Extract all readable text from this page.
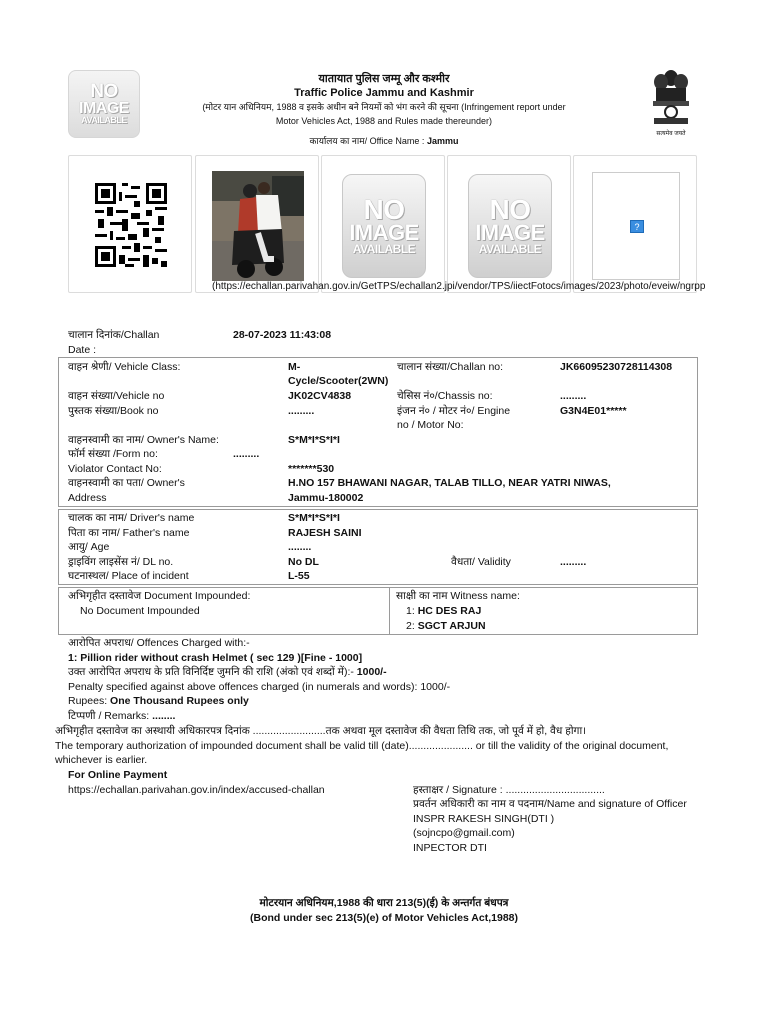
NO
IMAGE
AVAILABLE
यातायात पुलिस जम्मू और कश्मीर
Traffic Police Jammu and Kashmir
(मोटर यान अधिनियम, 1988 व इसके अधीन बने नियमों को भंग करने की सूचना (Infringement report under
Motor Vehicles Act, 1988 and Rules made thereunder)
कार्यालय का नाम/ Office Name : Jammu
सत्यमेव जयते
NO
IMAGE
AVAILABLE
NO
IMAGE
AVAILABLE
?
(https://echallan.parivahan.gov.in/GetTPS/echallan2.jpi/vendor/TPS/iiectFotocs/images/2023/photo/eveiw/ngrpp
चालान दिनांक/Challan
Date :
28-07-2023 11:43:08
वाहन श्रेणी/ Vehicle Class:	M-
Cycle/Scooter(2WN)
चालान संख्या/Challan no:	JK66095230728114308
वाहन संख्या/Vehicle no	JK02CV4838	चेसिस नं०/Chassis no:	.........
पुस्तक संख्या/Book no	.........	इंजन नं० / मोटर नं०/ Engine
no / Motor No:
G3N4E01*****
वाहनस्वामी का नाम/ Owner's Name:	S*M*I*S*I*I
फॉर्म संख्या /Form no:	.........
Violator Contact No:	*******530
वाहनस्वामी का पता/ Owner's
Address
H.NO 157 BHAWANI NAGAR, TALAB TILLO, NEAR YATRI NIWAS,
Jammu-180002
चालक का नाम/ Driver's name	S*M*I*S*I*I
पिता का नाम/ Father's name	RAJESH SAINI
आयु/ Age	........
ड्राइविंग लाइसेंस नं/ DL no.	No DL	वैधता/ Validity	.........
घटनास्थल/ Place of incident	L-55
अभिगृहीत दस्तावेज Document Impounded:
No Document Impounded
साक्षी का नाम Witness name:
1: HC DES RAJ
2: SGCT ARJUN
आरोपित अपराध/ Offences Charged with:-
1: Pillion rider without crash Helmet ( sec 129 )[Fine - 1000]
उक्त आरोपित अपराध के प्रति विनिर्दिष्ट जुमनि की राशि (अंको एवं शब्दों में):- 1000/-
Penalty specified against above offences charged (in numerals and words): 1000/-
Rupees: One Thousand Rupees only
टिप्पणी / Remarks: ........
अभिगृहीत दस्तावेज का अस्थायी अधिकारपत्र दिनांक .........................तक अथवा मूल दस्तावेज की वैधता तिथि तक, जो पूर्व में हो, वैध होगा।
The temporary authorization of impounded document shall be valid till (date)...................... or till the validity of the original document,
whichever is earlier.
For Online Payment
https://echallan.parivahan.gov.in/index/accused-challan	हस्ताक्षर / Signature : ..................................
प्रवर्तन अधिकारी का नाम व पदनाम/Name and signature of Officer
INSPR RAKESH SINGH(DTI )
(sojncpo@gmail.com)
INPECTOR DTI
मोटरयान अधिनियम,1988 की धारा 213(5)(ई) के अन्तर्गत बंधपत्र
(Bond under sec 213(5)(e) of Motor Vehicles Act,1988)
